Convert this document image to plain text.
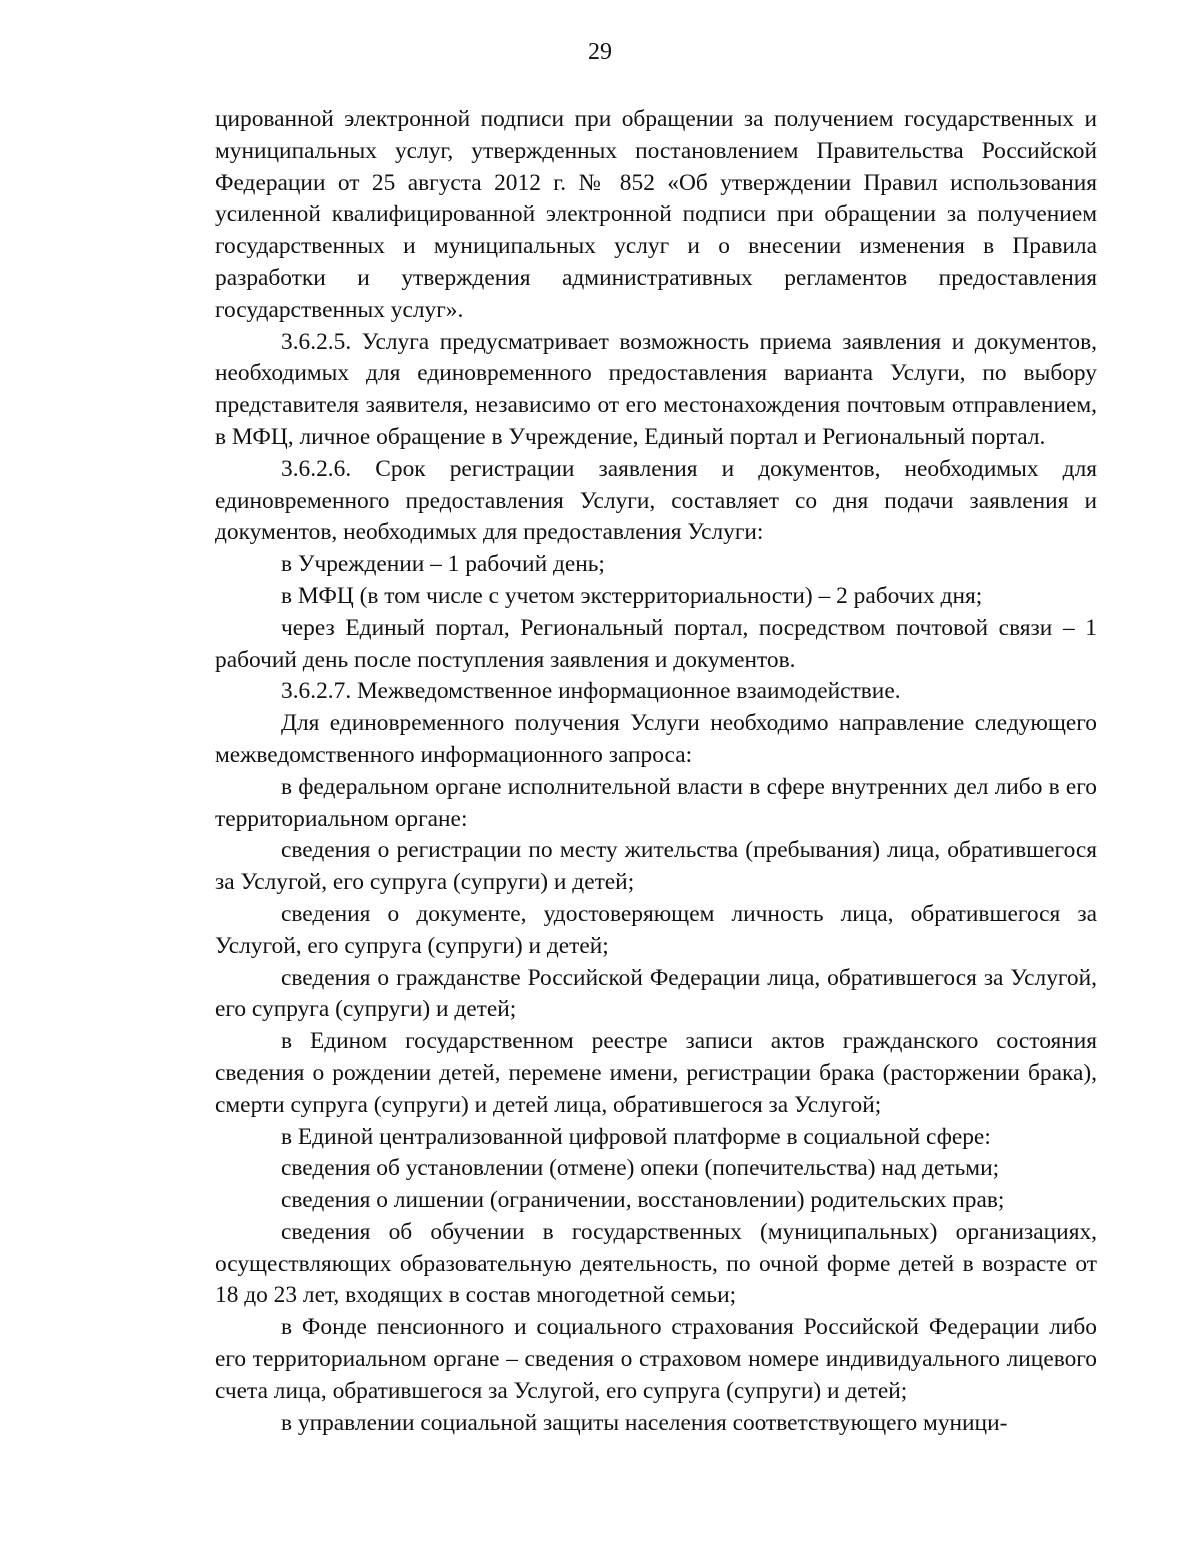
29

цированной электронной подписи при обращении за получением государственных и муниципальных услуг, утвержденных постановлением Правительства Российской Федерации от 25 августа 2012 г. № 852 «Об утверждении Правил использования усиленной квалифицированной электронной подписи при обращении за получением государственных и муниципальных услуг и о внесении изменения в Правила разработки и утверждения административных регламентов предоставления государственных услуг».

3.6.2.5. Услуга предусматривает возможность приема заявления и документов, необходимых для единовременного предоставления варианта Услуги, по выбору представителя заявителя, независимо от его местонахождения почтовым отправлением, в МФЦ, личное обращение в Учреждение, Единый портал и Региональный портал.

3.6.2.6. Срок регистрации заявления и документов, необходимых для единовременного предоставления Услуги, составляет со дня подачи заявления и документов, необходимых для предоставления Услуги:

в Учреждении – 1 рабочий день;

в МФЦ (в том числе с учетом экстерриториальности) – 2 рабочих дня;

через Единый портал, Региональный портал, посредством почтовой связи – 1 рабочий день после поступления заявления и документов.

3.6.2.7. Межведомственное информационное взаимодействие.

Для единовременного получения Услуги необходимо направление следующего межведомственного информационного запроса:

в федеральном органе исполнительной власти в сфере внутренних дел либо в его территориальном органе:

сведения о регистрации по месту жительства (пребывания) лица, обратившегося за Услугой, его супруга (супруги) и детей;

сведения о документе, удостоверяющем личность лица, обратившегося за Услугой, его супруга (супруги) и детей;

сведения о гражданстве Российской Федерации лица, обратившегося за Услугой, его супруга (супруги) и детей;

в Едином государственном реестре записи актов гражданского состояния сведения о рождении детей, перемене имени, регистрации брака (расторжении брака), смерти супруга (супруги) и детей лица, обратившегося за Услугой;

в Единой централизованной цифровой платформе в социальной сфере:

сведения об установлении (отмене) опеки (попечительства) над детьми;

сведения о лишении (ограничении, восстановлении) родительских прав;

сведения об обучении в государственных (муниципальных) организациях, осуществляющих образовательную деятельность, по очной форме детей в возрасте от 18 до 23 лет, входящих в состав многодетной семьи;

в Фонде пенсионного и социального страхования Российской Федерации либо его территориальном органе – сведения о страховом номере индивидуального лицевого счета лица, обратившегося за Услугой, его супруга (супруги) и детей;

в управлении социальной защиты населения соответствующего муници-
